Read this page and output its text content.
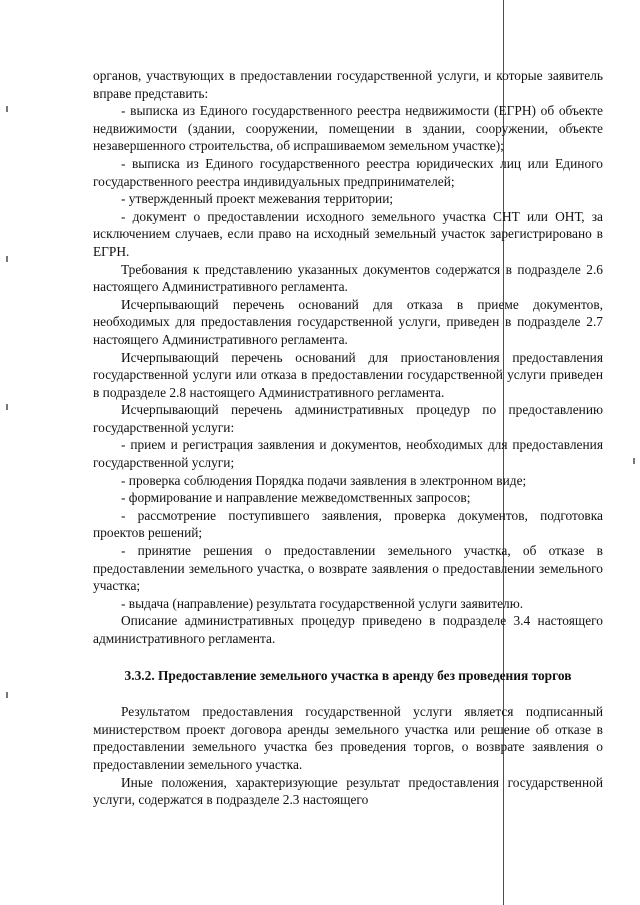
органов, участвующих в предоставлении государственной услуги, и которые заявитель вправе представить:

- выписка из Единого государственного реестра недвижимости (ЕГРН) об объекте недвижимости (здании, сооружении, помещении в здании, сооружении, объекте незавершенного строительства, об испрашиваемом земельном участке);

- выписка из Единого государственного реестра юридических лиц или Единого государственного реестра индивидуальных предпринимателей;

- утвержденный проект межевания территории;

- документ о предоставлении исходного земельного участка СНТ или ОНТ, за исключением случаев, если право на исходный земельный участок зарегистрировано в ЕГРН.

Требования к представлению указанных документов содержатся в подразделе 2.6 настоящего Административного регламента.

Исчерпывающий перечень оснований для отказа в приеме документов, необходимых для предоставления государственной услуги, приведен в подразделе 2.7 настоящего Административного регламента.

Исчерпывающий перечень оснований для приостановления предоставления государственной услуги или отказа в предоставлении государственной услуги приведен в подразделе 2.8 настоящего Административного регламента.

Исчерпывающий перечень административных процедур по предоставлению государственной услуги:

- прием и регистрация заявления и документов, необходимых для предоставления государственной услуги;

- проверка соблюдения Порядка подачи заявления в электронном виде;

- формирование и направление межведомственных запросов;

- рассмотрение поступившего заявления, проверка документов, подготовка проектов решений;

- принятие решения о предоставлении земельного участка, об отказе в предоставлении земельного участка, о возврате заявления о предоставлении земельного участка;

- выдача (направление) результата государственной услуги заявителю.

Описание административных процедур приведено в подразделе 3.4 настоящего административного регламента.

3.3.2. Предоставление земельного участка в аренду без проведения торгов

Результатом предоставления государственной услуги является подписанный министерством проект договора аренды земельного участка или решение об отказе в предоставлении земельного участка без проведения торгов, о возврате заявления о предоставлении земельного участка.

Иные положения, характеризующие результат предоставления государственной услуги, содержатся в подразделе 2.3 настоящего
